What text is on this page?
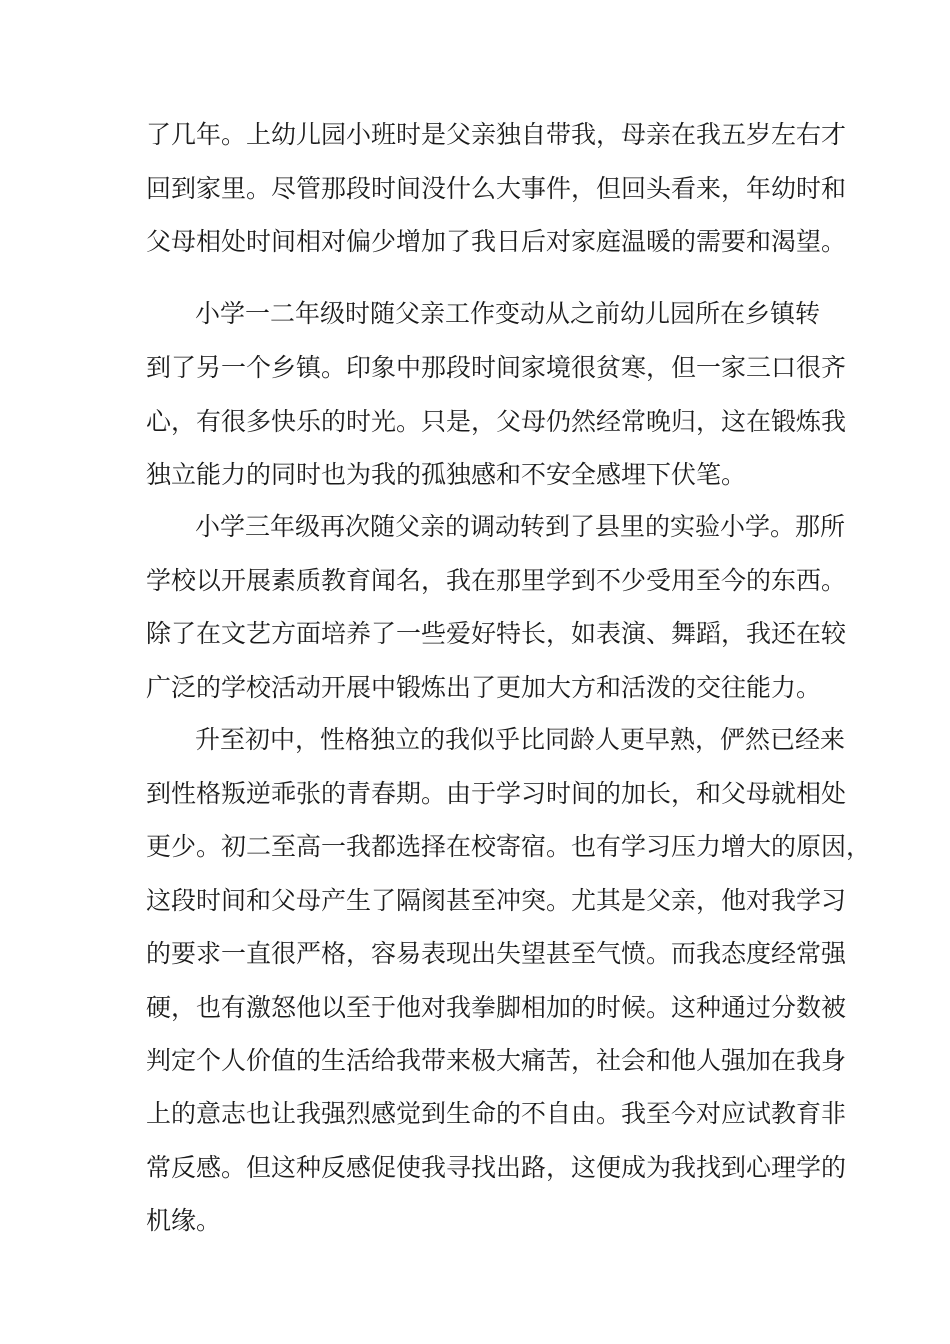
了几年。上幼儿园小班时是父亲独自带我，母亲在我五岁左右才
回到家里。尽管那段时间没什么大事件，但回头看来，年幼时和
父母相处时间相对偏少增加了我日后对家庭温暖的需要和渴望。
小学一二年级时随父亲工作变动从之前幼儿园所在乡镇转
到了另一个乡镇。印象中那段时间家境很贫寒，但一家三口很齐
心，有很多快乐的时光。只是，父母仍然经常晚归，这在锻炼我
独立能力的同时也为我的孤独感和不安全感埋下伏笔。
小学三年级再次随父亲的调动转到了县里的实验小学。那所
学校以开展素质教育闻名，我在那里学到不少受用至今的东西。
除了在文艺方面培养了一些爱好特长，如表演、舞蹈，我还在较
广泛的学校活动开展中锻炼出了更加大方和活泼的交往能力。
升至初中，性格独立的我似乎比同龄人更早熟，俨然已经来
到性格叛逆乖张的青春期。由于学习时间的加长，和父母就相处
更少。初二至高一我都选择在校寄宿。也有学习压力增大的原因，
这段时间和父母产生了隔阂甚至冲突。尤其是父亲，他对我学习
的要求一直很严格，容易表现出失望甚至气愤。而我态度经常强
硬，也有激怒他以至于他对我拳脚相加的时候。这种通过分数被
判定个人价值的生活给我带来极大痛苦，社会和他人强加在我身
上的意志也让我强烈感觉到生命的不自由。我至今对应试教育非
常反感。但这种反感促使我寻找出路，这便成为我找到心理学的
机缘。
